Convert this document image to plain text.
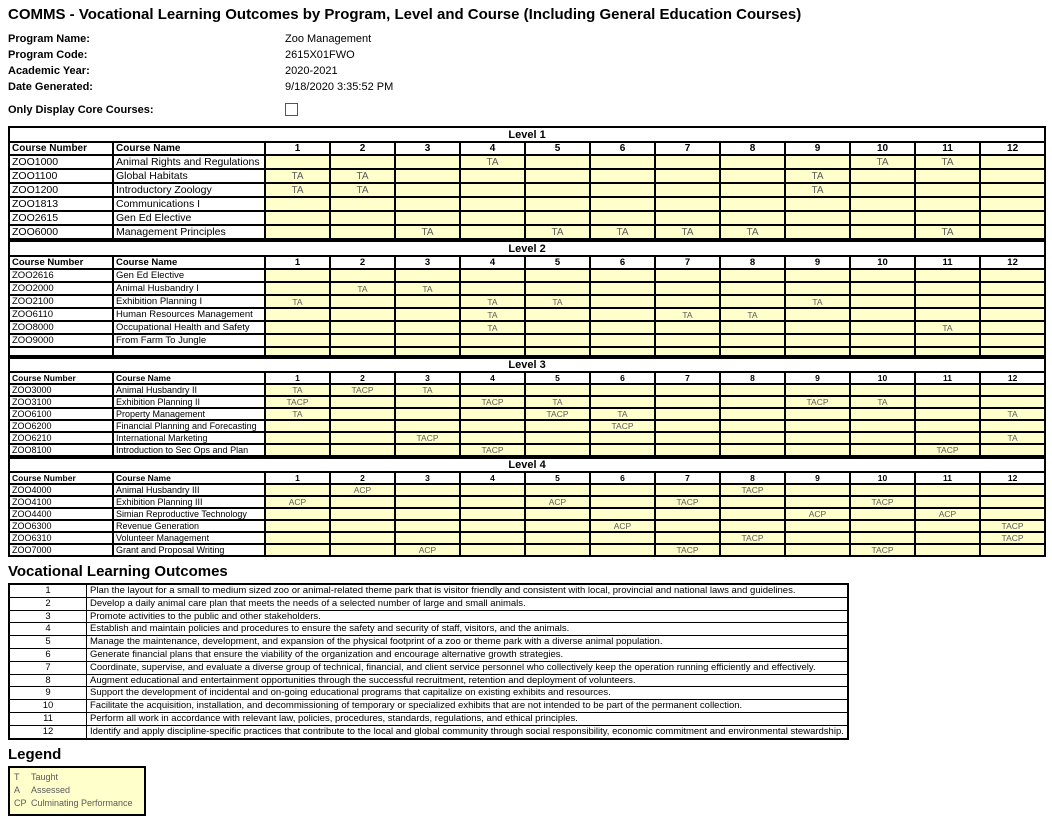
COMMS - Vocational Learning Outcomes by Program, Level and Course (Including General Education Courses)
Program Name:	Zoo Management
Program Code:	2615X01FWO
Academic Year:	2020-2021
Date Generated:	9/18/2020 3:35:52 PM
Only Display Core Courses:
Level 1													
Course Number	Course Name	1	2	3	4	5	6	7	8	9	10	11	12
ZOO1000	Animal Rights and Regulations				TA						TA	TA	
ZOO1100	Global Habitats	TA	TA							TA			
ZOO1200	Introductory Zoology	TA	TA							TA			
ZOO1813	Communications I												
ZOO2615	Gen Ed Elective												
ZOO6000	Management Principles			TA		TA	TA	TA	TA			TA	
Level 2													
Course Number	Course Name	1	2	3	4	5	6	7	8	9	10	11	12
ZOO2616	Gen Ed Elective												
ZOO2000	Animal Husbandry I		TA	TA									
ZOO2100	Exhibition Planning I	TA			TA	TA				TA			
ZOO6110	Human Resources Management				TA			TA	TA				
ZOO8000	Occupational Health and Safety				TA							TA	
ZOO9000	From Farm To Jungle												

Level 3													
Course Number	Course Name	1	2	3	4	5	6	7	8	9	10	11	12
ZOO3000	Animal Husbandry II	TA	TACP	TA									
ZOO3100	Exhibition Planning II	TACP			TACP	TA				TACP	TA		
ZOO6100	Property Management	TA				TACP	TA						TA
ZOO6200	Financial Planning and Forecasting						TACP						
ZOO6210	International Marketing			TACP									TA
ZOO8100	Introduction to Sec Ops and Plan				TACP							TACP	
Level 4													
Course Number	Course Name	1	2	3	4	5	6	7	8	9	10	11	12
ZOO4000	Animal Husbandry III		ACP						TACP				
ZOO4100	Exhibition Planning III	ACP				ACP		TACP			TACP		
ZOO4400	Simian Reproductive Technology									ACP		ACP	
ZOO6300	Revenue Generation						ACP						TACP
ZOO6310	Volunteer Management								TACP				TACP
ZOO7000	Grant and Proposal Writing			ACP				TACP			TACP		
Vocational Learning Outcomes
1	Plan the layout for a small to medium sized zoo or animal-related theme park that is visitor friendly and consistent with local, provincial and national laws and guidelines.
2	Develop a daily animal care plan that meets the needs of a selected number of large and small animals.
3	Promote activities to the public and other stakeholders.
4	Establish and maintain policies and procedures to ensure the safety and security of staff, visitors, and the animals.
5	Manage the maintenance, development, and expansion of the physical footprint of a zoo or theme park with a diverse animal population.
6	Generate financial plans that ensure the viability of the organization and encourage alternative growth strategies.
7	Coordinate, supervise, and evaluate a diverse group of technical, financial, and client service personnel who collectively keep the operation running efficiently and effectively.
8	Augment educational and entertainment opportunities through the successful recruitment, retention and deployment of volunteers.
9	Support the development of incidental and on-going educational programs that capitalize on existing exhibits and resources.
10	Facilitate the acquisition, installation, and decommissioning of temporary or specialized exhibits that are not intended to be part of the permanent collection.
11	Perform all work in accordance with relevant law, policies, procedures, standards, regulations, and ethical principles.
12	Identify and apply discipline-specific practices that contribute to the local and global community through social responsibility, economic commitment and environmental stewardship.
Legend
T	Taught
A	Assessed
CP Culminating Performance
